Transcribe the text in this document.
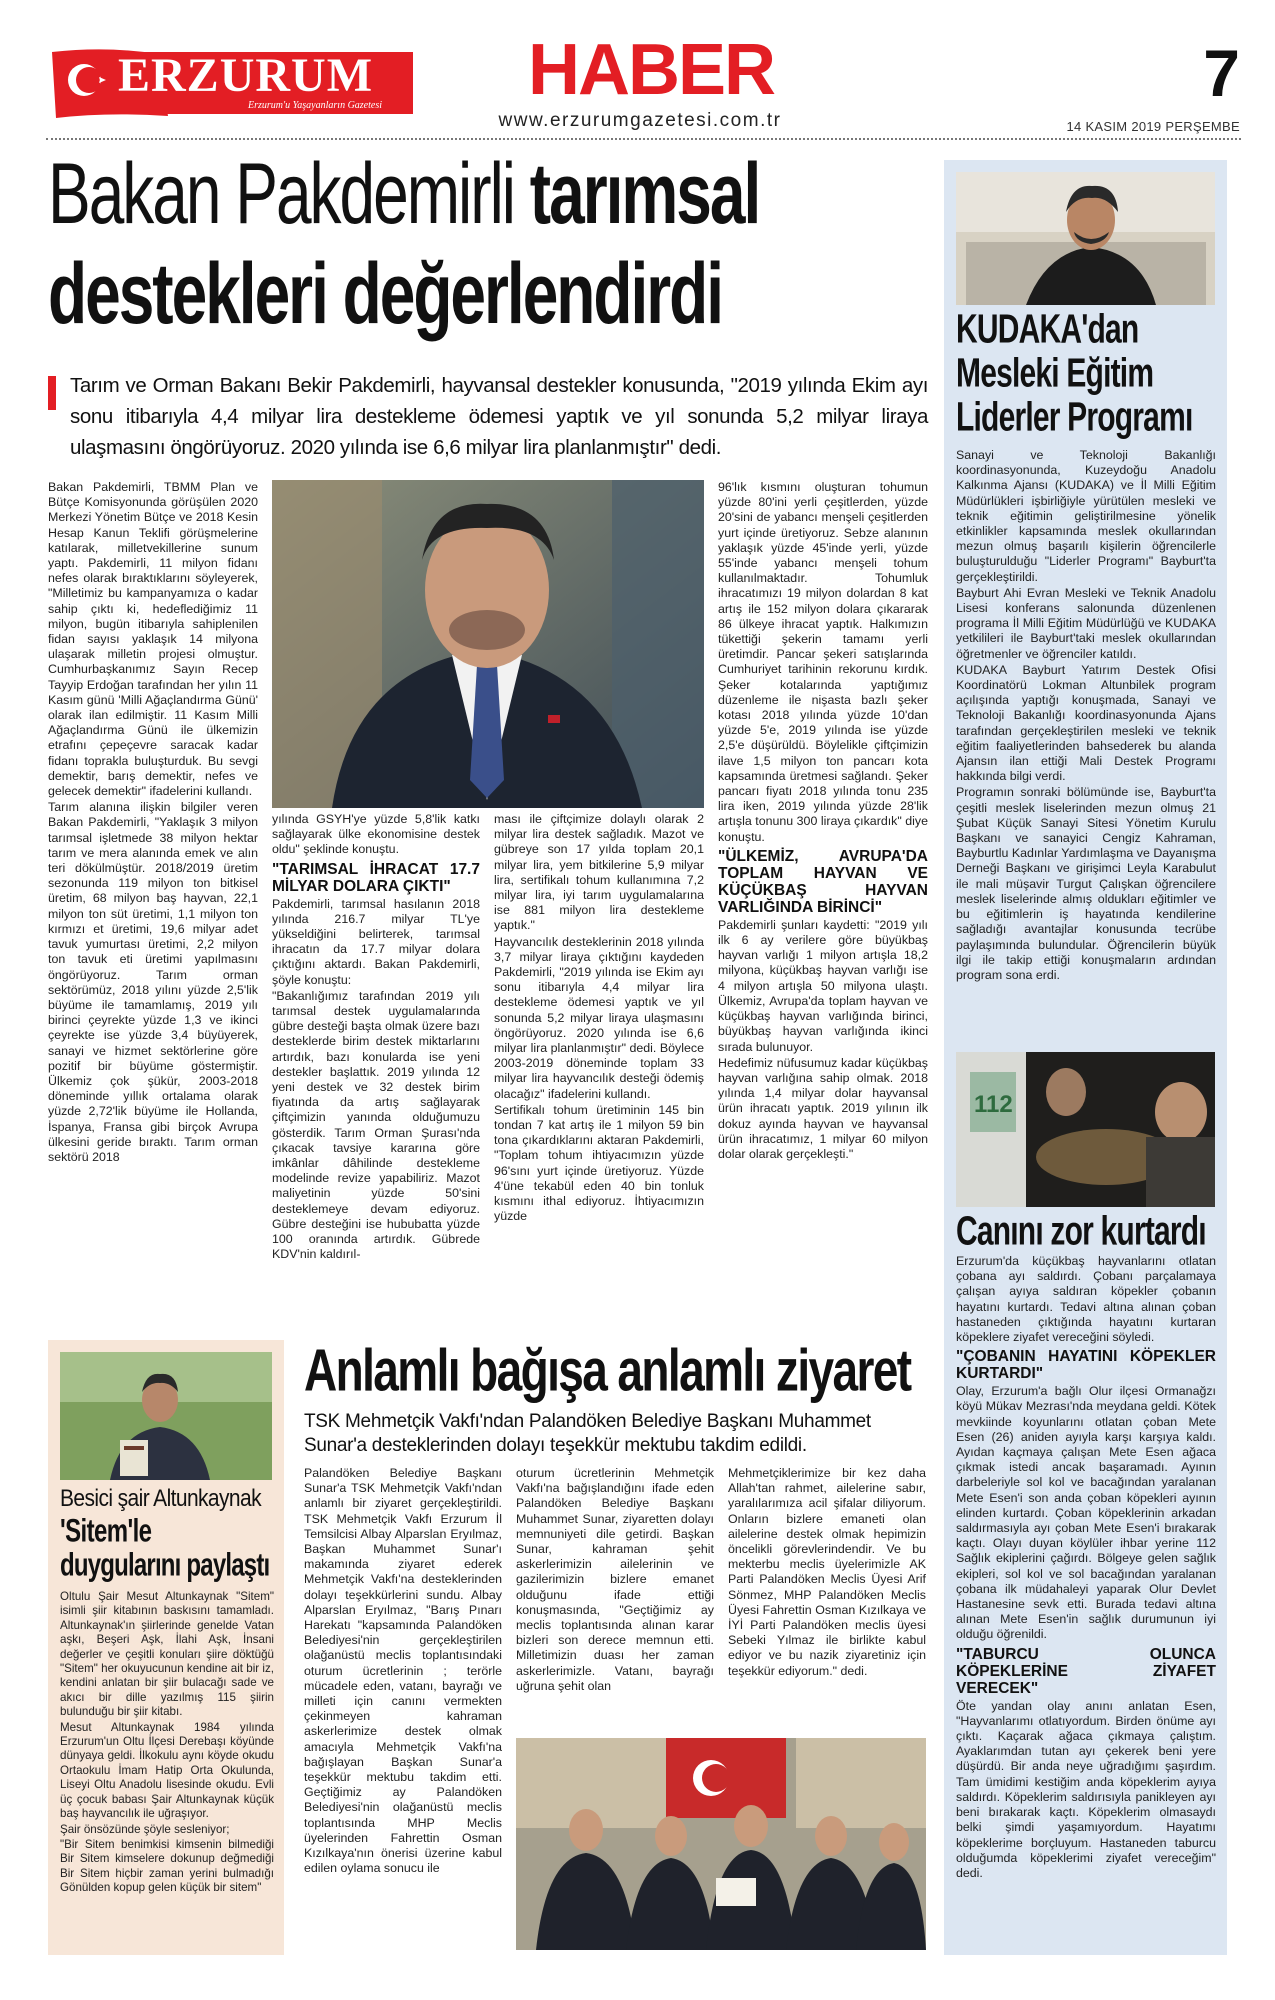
ERZURUM
Erzurum'u Yaşayanların Gazetesi HABER
www.erzurumgazetesi.com.tr
7
14 KASIM 2019 PERŞEMBE
Bakan Pakdemirli tarımsal
destekleri değerlendirdi
Tarım ve Orman Bakanı Bekir Pakdemirli, hayvansal destekler konusunda, "2019 yılında Ekim ayı sonu itibarıyla 4,4 milyar lira destekleme ödemesi yaptık ve yıl sonunda 5,2 milyar liraya ulaşmasını öngörüyoruz. 2020 yılında ise 6,6 milyar lira planlanmıştır" dedi.

Bakan Pakdemirli, TBMM Plan ve Bütçe Komisyonunda görüşülen 2020 Merkezi Yönetim Bütçe ve 2018 Kesin Hesap Kanun Teklifi görüşmelerine katılarak, milletvekillerine sunum yaptı. Pakdemirli, 11 milyon fidanı nefes olarak bıraktıklarını söyleyerek, "Milletimiz bu kampanyamıza o kadar sahip çıktı ki, hedeflediğimiz 11 milyon, bugün itibarıyla sahiplenilen fidan sayısı yaklaşık 14 milyona ulaşarak milletin projesi olmuştur. Cumhurbaşkanımız Sayın Recep Tayyip Erdoğan tarafından her yılın 11 Kasım günü 'Milli Ağaçlandırma Günü' olarak ilan edilmiştir. 11 Kasım Milli Ağaçlandırma Günü ile ülkemizin etrafını çepeçevre saracak kadar fidanı toprakla buluşturduk. Bu sevgi demektir, barış demektir, nefes ve gelecek demektir" ifadelerini kullandı.

Tarım alanına ilişkin bilgiler veren Bakan Pakdemirli, "Yaklaşık 3 milyon tarımsal işletmede 38 milyon hektar tarım ve mera alanında emek ve alın teri dökülmüştür. 2018/2019 üretim sezonunda 119 milyon ton bitkisel üretim, 68 milyon baş hayvan, 22,1 milyon ton süt üretimi, 1,1 milyon ton kırmızı et üretimi, 19,6 milyar adet tavuk yumurtası üretimi, 2,2 milyon ton tavuk eti üretimi yapılmasını öngörüyoruz. Tarım orman sektörümüz, 2018 yılını yüzde 2,5'lik büyüme ile tamamlamış, 2019 yılı birinci çeyrekte yüzde 1,3 ve ikinci çeyrekte ise yüzde 3,4 büyüyerek, sanayi ve hizmet sektörlerine göre pozitif bir büyüme göstermiştir. Ülkemiz çok şükür, 2003-2018 döneminde yıllık ortalama olarak yüzde 2,72'lik büyüme ile Hollanda, İspanya, Fransa gibi birçok Avrupa ülkesini geride bıraktı. Tarım orman sektörü 2018

yılında GSYH'ye yüzde 5,8'lik katkı sağlayarak ülke ekonomisine destek oldu" şeklinde konuştu.

"TARIMSAL İHRACAT 17.7 MİLYAR DOLARA ÇIKTI"

Pakdemirli, tarımsal hasılanın 2018 yılında 216.7 milyar TL'ye yükseldiğini belirterek, tarımsal ihracatın da 17.7 milyar dolara çıktığını aktardı. Bakan Pakdemirli, şöyle konuştu:

"Bakanlığımız tarafından 2019 yılı tarımsal destek uygulamalarında gübre desteği başta olmak üzere bazı desteklerde birim destek miktarlarını artırdık, bazı konularda ise yeni destekler başlattık. 2019 yılında 12 yeni destek ve 32 destek birim fiyatında da artış sağlayarak çiftçimizin yanında olduğumuzu gösterdik. Tarım Orman Şurası'nda çıkacak tavsiye kararına göre imkânlar dâhilinde destekleme modelinde revize yapabiliriz. Mazot maliyetinin yüzde 50'sini desteklemeye devam ediyoruz. Gübre desteğini ise hububatta yüzde 100 oranında artırdık. Gübrede KDV'nin kaldırıl-

ması ile çiftçimize dolaylı olarak 2 milyar lira destek sağladık. Mazot ve gübreye son 17 yılda toplam 20,1 milyar lira, yem bitkilerine 5,9 milyar lira, sertifikalı tohum kullanımına 7,2 milyar lira, iyi tarım uygulamalarına ise 881 milyon lira destekleme yaptık."

Hayvancılık desteklerinin 2018 yılında 3,7 milyar liraya çıktığını kaydeden Pakdemirli, "2019 yılında ise Ekim ayı sonu itibarıyla 4,4 milyar lira destekleme ödemesi yaptık ve yıl sonunda 5,2 milyar liraya ulaşmasını öngörüyoruz. 2020 yılında ise 6,6 milyar lira planlanmıştır" dedi. Böylece 2003-2019 döneminde toplam 33 milyar lira hayvancılık desteği ödemiş olacağız" ifadelerini kullandı.

Sertifikalı tohum üretiminin 145 bin tondan 7 kat artış ile 1 milyon 59 bin tona çıkardıklarını aktaran Pakdemirli, "Toplam tohum ihtiyacımızın yüzde 96'sını yurt içinde üretiyoruz. Yüzde 4'üne tekabül eden 40 bin tonluk kısmını ithal ediyoruz. İhtiyacımızın yüzde

96'lık kısmını oluşturan tohumun yüzde 80'ini yerli çeşitlerden, yüzde 20'sini de yabancı menşeli çeşitlerden yurt içinde üretiyoruz. Sebze alanının yaklaşık yüzde 45'inde yerli, yüzde 55'inde yabancı menşeli tohum kullanılmaktadır. Tohumluk ihracatımızı 19 milyon dolardan 8 kat artış ile 152 milyon dolara çıkararak 86 ülkeye ihracat yaptık. Halkımızın tükettiği şekerin tamamı yerli üretimdir. Pancar şekeri satışlarında Cumhuriyet tarihinin rekorunu kırdık. Şeker kotalarında yaptığımız düzenleme ile nişasta bazlı şeker kotası 2018 yılında yüzde 10'dan yüzde 5'e, 2019 yılında ise yüzde 2,5'e düşürüldü. Böylelikle çiftçimizin ilave 1,5 milyon ton pancarı kota kapsamında üretmesi sağlandı. Şeker pancarı fiyatı 2018 yılında tonu 235 lira iken, 2019 yılında yüzde 28'lik artışla tonunu 300 liraya çıkardık" diye konuştu.

"ÜLKEMİZ, AVRUPA'DA TOPLAM HAYVAN VE KÜÇÜKBAŞ HAYVAN VARLIĞINDA BİRİNCİ"

Pakdemirli şunları kaydetti: "2019 yılı ilk 6 ay verilere göre büyükbaş hayvan varlığı 1 milyon artışla 18,2 milyona, küçükbaş hayvan varlığı ise 4 milyon artışla 50 milyona ulaştı. Ülkemiz, Avrupa'da toplam hayvan ve küçükbaş hayvan varlığında birinci, büyükbaş hayvan varlığında ikinci sırada bulunuyor.

Hedefimiz nüfusumuz kadar küçükbaş hayvan varlığına sahip olmak. 2018 yılında 1,4 milyar dolar hayvansal ürün ihracatı yaptık. 2019 yılının ilk dokuz ayında hayvan ve hayvansal ürün ihracatımız, 1 milyar 60 milyon dolar olarak gerçekleşti."

KUDAKA'dan
Mesleki Eğitim
Liderler Programı

Sanayi ve Teknoloji Bakanlığı koordinasyonunda, Kuzeydoğu Anadolu Kalkınma Ajansı (KUDAKA) ve İl Milli Eğitim Müdürlükleri işbirliğiyle yürütülen mesleki ve teknik eğitimin geliştirilmesine yönelik etkinlikler kapsamında meslek okullarından mezun olmuş başarılı kişilerin öğrencilerle buluşturulduğu "Liderler Programı" Bayburt'ta gerçekleştirildi.

Bayburt Ahi Evran Mesleki ve Teknik Anadolu Lisesi konferans salonunda düzenlenen programa İl Milli Eğitim Müdürlüğü ve KUDAKA yetkilileri ile Bayburt'taki meslek okullarından öğretmenler ve öğrenciler katıldı.

KUDAKA Bayburt Yatırım Destek Ofisi Koordinatörü Lokman Altunbilek program açılışında yaptığı konuşmada, Sanayi ve Teknoloji Bakanlığı koordinasyonunda Ajans tarafından gerçekleştirilen mesleki ve teknik eğitim faaliyetlerinden bahsederek bu alanda Ajansın ilan ettiği Mali Destek Programı hakkında bilgi verdi.

Programın sonraki bölümünde ise, Bayburt'ta çeşitli meslek liselerinden mezun olmuş 21 Şubat Küçük Sanayi Sitesi Yönetim Kurulu Başkanı ve sanayici Cengiz Kahraman, Bayburtlu Kadınlar Yardımlaşma ve Dayanışma Derneği Başkanı ve girişimci Leyla Karabulut ile mali müşavir Turgut Çalışkan öğrencilere meslek liselerinde almış oldukları eğitimler ve bu eğitimlerin iş hayatında kendilerine sağladığı avantajlar konusunda tecrübe paylaşımında bulundular. Öğrencilerin büyük ilgi ile takip ettiği konuşmaların ardından program sona erdi.

112
Canını zor kurtardı

Erzurum'da küçükbaş hayvanlarını otlatan çobana ayı saldırdı. Çobanı parçalamaya çalışan ayıya saldıran köpekler çobanın hayatını kurtardı. Tedavi altına alınan çoban hastaneden çıktığında hayatını kurtaran köpeklere ziyafet vereceğini söyledi.

"ÇOBANIN HAYATINI KÖPEKLER KURTARDI"

Olay, Erzurum'a bağlı Olur ilçesi Ormanağzı köyü Mükav Mezrası'nda meydana geldi. Kötek mevkiinde koyunlarını otlatan çoban Mete Esen (26) aniden ayıyla karşı karşıya kaldı. Ayıdan kaçmaya çalışan Mete Esen ağaca çıkmak istedi ancak başaramadı. Ayının darbeleriyle sol kol ve bacağından yaralanan Mete Esen'i son anda çoban köpekleri ayının elinden kurtardı. Çoban köpeklerinin arkadan saldırmasıyla ayı çoban Mete Esen'i bırakarak kaçtı. Olayı duyan köylüler ihbar yerine 112 Sağlık ekiplerini çağırdı. Bölgeye gelen sağlık ekipleri, sol kol ve sol bacağından yaralanan çobana ilk müdahaleyi yaparak Olur Devlet Hastanesine sevk etti. Burada tedavi altına alınan Mete Esen'in sağlık durumunun iyi olduğu öğrenildi.

"TABURCU OLUNCA KÖPEKLERİNE ZİYAFET VERECEK"

Öte yandan olay anını anlatan Esen, "Hayvanlarımı otlatıyordum. Birden önüme ayı çıktı. Kaçarak ağaca çıkmaya çalıştım. Ayaklarımdan tutan ayı çekerek beni yere düşürdü. Bir anda neye uğradığımı şaşırdım. Tam ümidimi kestiğim anda köpeklerim ayıya saldırdı. Köpeklerim saldırısıyla panikleyen ayı beni bırakarak kaçtı. Köpeklerim olmasaydı belki şimdi yaşamıyordum. Hayatımı köpeklerime borçluyum. Hastaneden taburcu olduğumda köpeklerimi ziyafet vereceğim" dedi.

Besici şair Altunkaynak
'Sitem'le
duygularını paylaştı

Oltulu Şair Mesut Altunkaynak "Sitem" isimli şiir kitabının baskısını tamamladı. Altunkaynak'ın şiirlerinde genelde Vatan aşkı, Beşeri Aşk, İlahi Aşk, İnsani değerler ve çeşitli konuları şiire döktüğü "Sitem" her okuyucunun kendine ait bir iz, kendini anlatan bir şiir bulacağı sade ve akıcı bir dille yazılmış 115 şiirin bulunduğu bir şiir kitabı.

Mesut Altunkaynak 1984 yılında Erzurum'un Oltu İlçesi Derebaşı köyünde dünyaya geldi. İlkokulu aynı köyde okudu Ortaokulu İmam Hatip Orta Okulunda, Liseyi Oltu Anadolu lisesinde okudu. Evli üç çocuk babası Şair Altunkaynak küçük baş hayvancılık ile uğraşıyor.

Şair önsözünde şöyle sesleniyor;

"Bir Sitem benimkisi kimsenin bilmediği Bir Sitem kimselere dokunup değmediği Bir Sitem hiçbir zaman yerini bulmadığı Gönülden kopup gelen küçük bir sitem"

Anlamlı bağışa anlamlı ziyaret
TSK Mehmetçik Vakfı'ndan Palandöken Belediye Başkanı Muhammet Sunar'a desteklerinden dolayı teşekkür mektubu takdim edildi.
Palandöken Belediye Başkanı Sunar'a TSK Mehmetçik Vakfı'ndan anlamlı bir ziyaret gerçekleştirildi. TSK Mehmetçik Vakfı Erzurum İl Temsilcisi Albay Alparslan Eryılmaz, Başkan Muhammet Sunar'ı makamında ziyaret ederek Mehmetçik Vakfı'na desteklerinden dolayı teşekkürlerini sundu. Albay Alparslan Eryılmaz, "Barış Pınarı Harekatı "kapsamında Palandöken Belediyesi'nin gerçekleştirilen olağanüstü meclis toplantısındaki oturum ücretlerinin ; terörle mücadele eden, vatanı, bayrağı ve milleti için canını vermekten çekinmeyen kahraman askerlerimize destek olmak amacıyla Mehmetçik Vakfı'na bağışlayan Başkan Sunar'a teşekkür mektubu takdim etti. Geçtiğimiz ay Palandöken Belediyesi'nin olağanüstü meclis toplantısında MHP Meclis üyelerinden Fahrettin Osman Kızılkaya'nın önerisi üzerine kabul edilen oylama sonucu ile
oturum ücretlerinin Mehmetçik Vakfı'na bağışlandığını ifade eden Palandöken Belediye Başkanı Muhammet Sunar, ziyaretten dolayı memnuniyeti dile getirdi. Başkan Sunar, kahraman şehit askerlerimizin ailelerinin ve gazilerimizin bizlere emanet olduğunu ifade ettiği konuşmasında, "Geçtiğimiz ay meclis toplantısında alınan karar bizleri son derece memnun etti. Milletimizin duası her zaman askerlerimizle. Vatanı, bayrağı uğruna şehit olan
Mehmetçiklerimize bir kez daha Allah'tan rahmet, ailelerine sabır, yaralılarımıza acil şifalar diliyorum. Onların bizlere emaneti olan ailelerine destek olmak hepimizin öncelikli görevlerindendir. Ve bu mekterbu meclis üyelerimizle AK Parti Palandöken Meclis Üyesi Arif Sönmez, MHP Palandöken Meclis Üyesi Fahrettin Osman Kızılkaya ve İYİ Parti Palandöken meclis üyesi Sebeki Yılmaz ile birlikte kabul ediyor ve bu nazik ziyaretiniz için teşekkür ediyorum." dedi.
